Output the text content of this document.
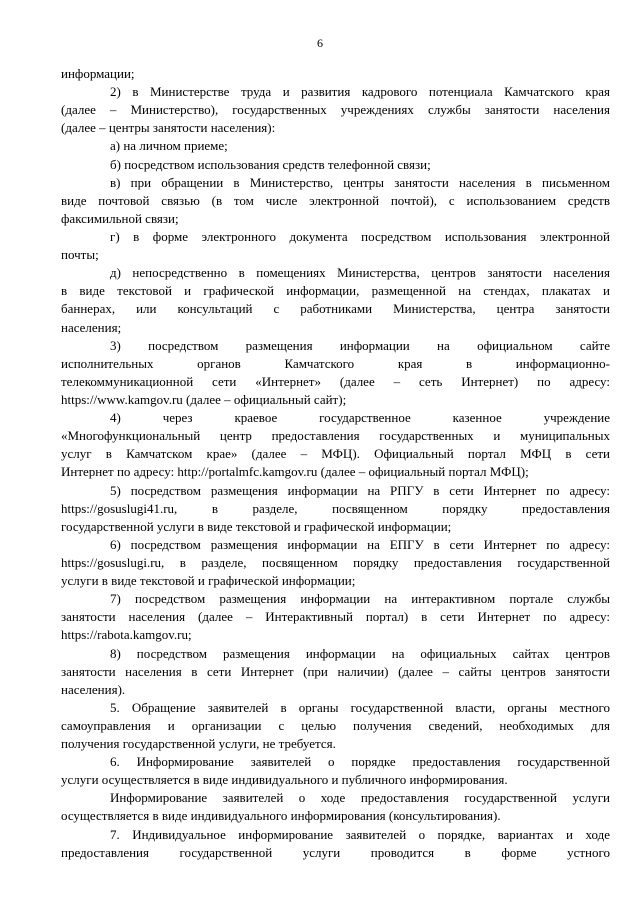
6
информации;
2) в Министерстве труда и развития кадрового потенциала Камчатского края
(далее – Министерство), государственных учреждениях службы занятости населения
(далее – центры занятости населения):
а) на личном приеме;
б) посредством использования средств телефонной связи;
в) при обращении в Министерство, центры занятости населения в письменном
виде почтовой связью (в том числе электронной почтой), с использованием средств
факсимильной связи;
г) в форме электронного документа посредством использования электронной
почты;
д) непосредственно в помещениях Министерства, центров занятости населения
в виде текстовой и графической информации, размещенной на стендах, плакатах и
баннерах, или консультаций с работниками Министерства, центра занятости
населения;
3) посредством размещения информации на официальном сайте
исполнительных органов Камчатского края в информационно-
телекоммуникационной сети «Интернет» (далее – сеть Интернет) по адресу:
https://www.kamgov.ru (далее – официальный сайт);
4) через краевое государственное казенное учреждение
«Многофункциональный центр предоставления государственных и муниципальных
услуг в Камчатском крае» (далее – МФЦ). Официальный портал МФЦ в сети
Интернет по адресу: http://portalmfc.kamgov.ru (далее – официальный портал МФЦ);
5) посредством размещения информации на РПГУ в сети Интернет по адресу:
https://gosuslugi41.ru, в разделе, посвященном порядку предоставления
государственной услуги в виде текстовой и графической информации;
6) посредством размещения информации на ЕПГУ в сети Интернет по адресу:
https://gosuslugi.ru, в разделе, посвященном порядку предоставления государственной
услуги в виде текстовой и графической информации;
7) посредством размещения информации на интерактивном портале службы
занятости населения (далее – Интерактивный портал) в сети Интернет по адресу:
https://rabota.kamgov.ru;
8) посредством размещения информации на официальных сайтах центров
занятости населения в сети Интернет (при наличии) (далее – сайты центров занятости
населения).
5. Обращение заявителей в органы государственной власти, органы местного
самоуправления и организации с целью получения сведений, необходимых для
получения государственной услуги, не требуется.
6. Информирование заявителей о порядке предоставления государственной
услуги осуществляется в виде индивидуального и публичного информирования.
Информирование заявителей о ходе предоставления государственной услуги
осуществляется в виде индивидуального информирования (консультирования).
7. Индивидуальное информирование заявителей о порядке, вариантах и ходе
предоставления государственной услуги проводится в форме устного
